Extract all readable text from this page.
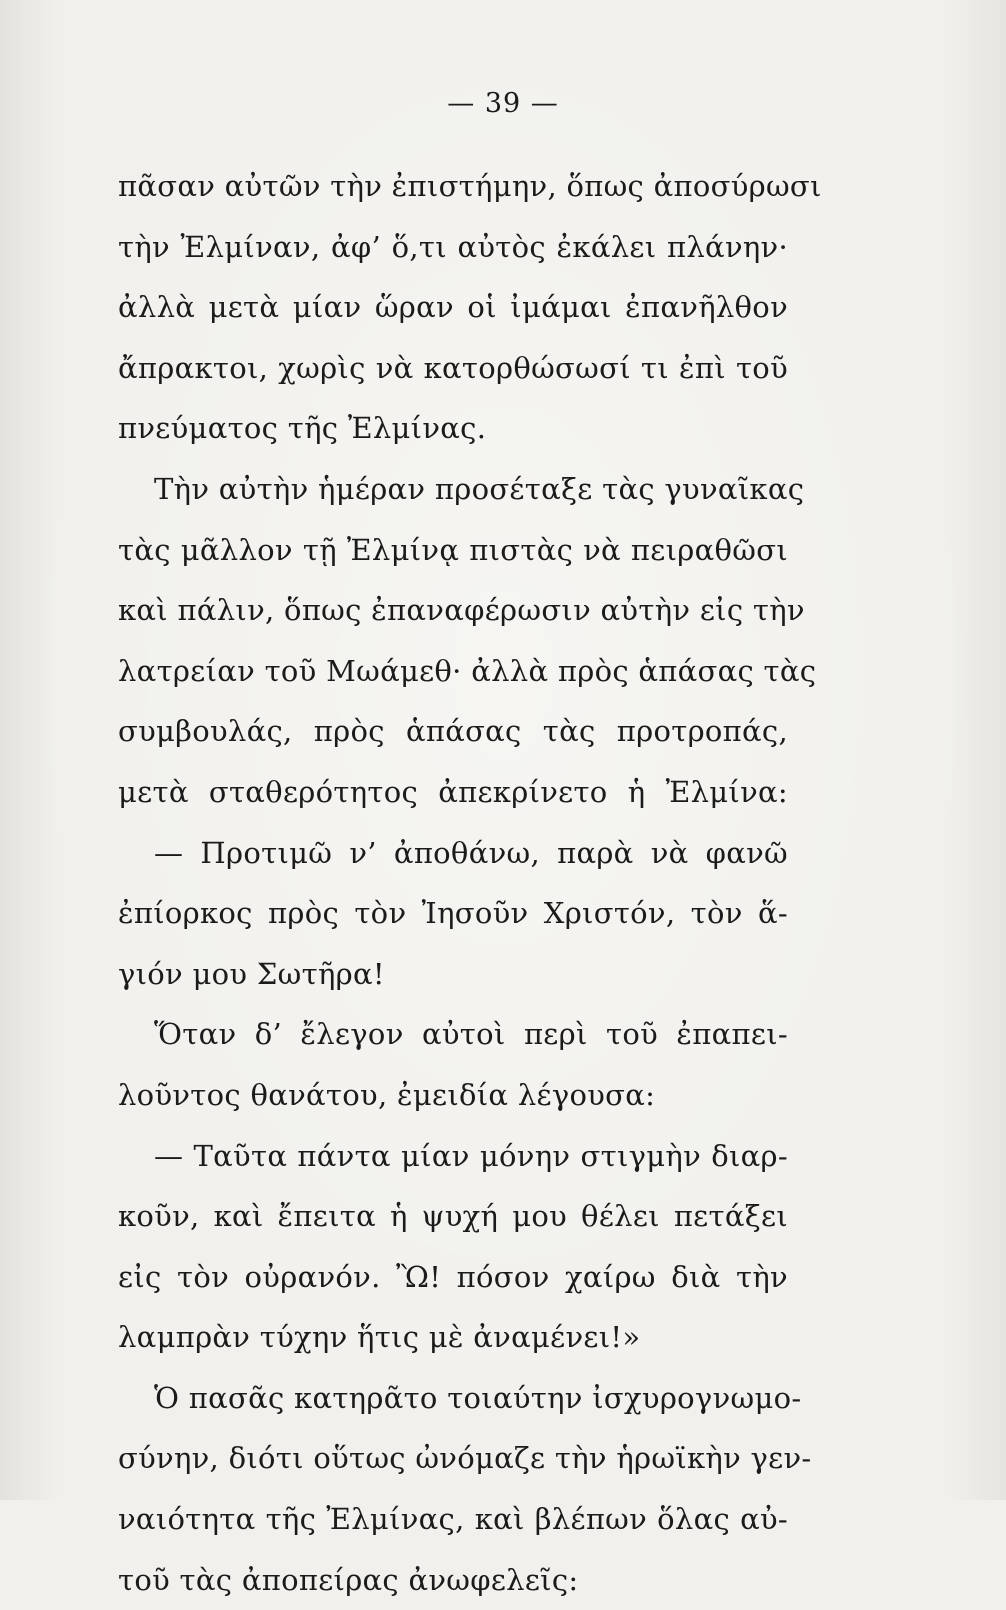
— 39 —
πᾶσαν αὐτῶν τὴν ἐπιστήμην, ὅπως ἀποσύρωσι
τὴν Ἐλμίναν, ἀφ’ ὅ,τι αὐτὸς ἐκάλει πλάνην·
ἀλλὰ μετὰ μίαν ὥραν οἱ ἰμάμαι ἐπανῆλθον
ἄπρακτοι, χωρὶς νὰ κατορθώσωσί τι ἐπὶ τοῦ
πνεύματος τῆς Ἐλμίνας.
Τὴν αὐτὴν ἡμέραν προσέταξε τὰς γυναῖκας
τὰς μᾶλλον τῇ Ἐλμίνᾳ πιστὰς νὰ πειραθῶσι
καὶ πάλιν, ὅπως ἐπαναφέρωσιν αὐτὴν εἰς τὴν
λατρείαν τοῦ Μωάμεθ· ἀλλὰ πρὸς ἁπάσας τὰς
συμβουλάς, πρὸς ἁπάσας τὰς προτροπάς,
μετὰ σταθερότητος ἀπεκρίνετο ἡ Ἐλμίνα:
— Προτιμῶ ν’ ἀποθάνω, παρὰ νὰ φανῶ
ἐπίορκος πρὸς τὸν Ἰησοῦν Χριστόν, τὸν ἅ-
γιόν μου Σωτῆρα!
Ὅταν δ’ ἔλεγον αὐτοὶ περὶ τοῦ ἐπαπει-
λοῦντος θανάτου, ἐμειδία λέγουσα:
— Ταῦτα πάντα μίαν μόνην στιγμὴν διαρ-
κοῦν, καὶ ἔπειτα ἡ ψυχή μου θέλει πετάξει
εἰς τὸν οὐρανόν. Ὢ! πόσον χαίρω διὰ τὴν
λαμπρὰν τύχην ἥτις μὲ ἀναμένει!»
Ὁ πασᾶς κατηρᾶτο τοιαύτην ἰσχυρογνωμο-
σύνην, διότι οὕτως ὠνόμαζε τὴν ἡρωϊκὴν γεν-
ναιότητα τῆς Ἐλμίνας, καὶ βλέπων ὅλας αὐ-
τοῦ τὰς ἀποπείρας ἀνωφελεῖς:
